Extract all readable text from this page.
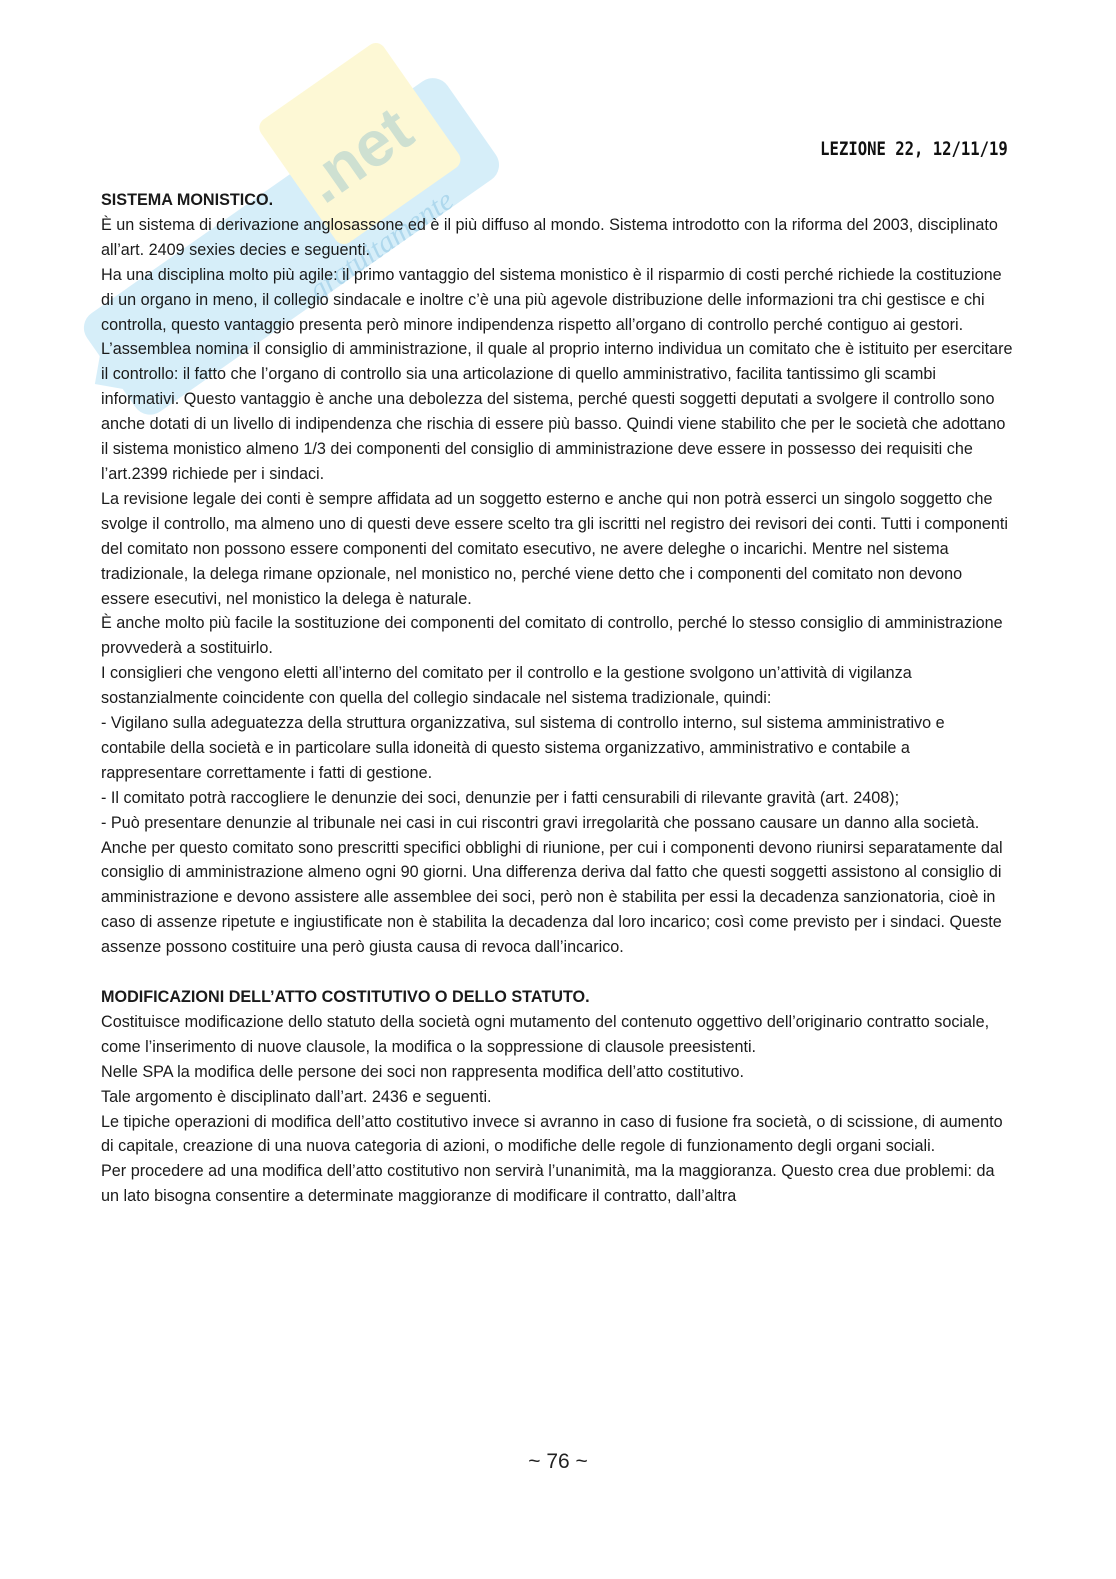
.net
gratuitamente
LEZIONE 22, 12/11/19

SISTEMA MONISTICO.

È un sistema di derivazione anglosassone ed è il più diffuso al mondo. Sistema introdotto con la riforma del 2003, disciplinato all’art. 2409 sexies decies e seguenti.

Ha una disciplina molto più agile: il primo vantaggio del sistema monistico è il risparmio di costi perché richiede la costituzione di un organo in meno, il collegio sindacale e inoltre c’è una più agevole distribuzione delle informazioni tra chi gestisce e chi controlla, questo vantaggio presenta però minore indipendenza rispetto all’organo di controllo perché contiguo ai gestori.

L’assemblea nomina il consiglio di amministrazione, il quale al proprio interno individua un comitato che è istituito per esercitare il controllo: il fatto che l’organo di controllo sia una articolazione di quello amministrativo, facilita tantissimo gli scambi informativi. Questo vantaggio è anche una debolezza del sistema, perché questi soggetti deputati a svolgere il controllo sono anche dotati di un livello di indipendenza che rischia di essere più basso. Quindi viene stabilito che per le società che adottano il sistema monistico almeno 1/3 dei componenti del consiglio di amministrazione deve essere in possesso dei requisiti che l’art.2399 richiede per i sindaci.

La revisione legale dei conti è sempre affidata ad un soggetto esterno e anche qui non potrà esserci un singolo soggetto che svolge il controllo, ma almeno uno di questi deve essere scelto tra gli iscritti nel registro dei revisori dei conti. Tutti i componenti del comitato non possono essere componenti del comitato esecutivo, ne avere deleghe o incarichi. Mentre nel sistema tradizionale, la delega rimane opzionale, nel monistico no, perché viene detto che i componenti del comitato non devono essere esecutivi, nel monistico la delega è naturale.

È anche molto più facile la sostituzione dei componenti del comitato di controllo, perché lo stesso consiglio di amministrazione provvederà a sostituirlo.

I consiglieri che vengono eletti all’interno del comitato per il controllo e la gestione svolgono un’attività di vigilanza sostanzialmente coincidente con quella del collegio sindacale nel sistema tradizionale, quindi:

- Vigilano sulla adeguatezza della struttura organizzativa, sul sistema di controllo interno, sul sistema amministrativo e contabile della società e in particolare sulla idoneità di questo sistema organizzativo, amministrativo e contabile a rappresentare correttamente i fatti di gestione.

- Il comitato potrà raccogliere le denunzie dei soci, denunzie per i fatti censurabili di rilevante gravità (art. 2408);

- Può presentare denunzie al tribunale nei casi in cui riscontri gravi irregolarità che possano causare un danno alla società.

Anche per questo comitato sono prescritti specifici obblighi di riunione, per cui i componenti devono riunirsi separatamente dal consiglio di amministrazione almeno ogni 90 giorni. Una differenza deriva dal fatto che questi soggetti assistono al consiglio di amministrazione e devono assistere alle assemblee dei soci, però non è stabilita per essi la decadenza sanzionatoria, cioè in caso di assenze ripetute e ingiustificate non è stabilita la decadenza dal loro incarico; così come previsto per i sindaci. Queste assenze possono costituire una però giusta causa di revoca dall’incarico.

MODIFICAZIONI DELL’ATTO COSTITUTIVO O DELLO STATUTO.

Costituisce modificazione dello statuto della società ogni mutamento del contenuto oggettivo dell’originario contratto sociale, come l’inserimento di nuove clausole, la modifica o la soppressione di clausole preesistenti.

Nelle SPA la modifica delle persone dei soci non rappresenta modifica dell’atto costitutivo.

Tale argomento è disciplinato dall’art. 2436 e seguenti.

Le tipiche operazioni di modifica dell’atto costitutivo invece si avranno in caso di fusione fra società, o di scissione, di aumento di capitale, creazione di una nuova categoria di azioni, o modifiche delle regole di funzionamento degli organi sociali.

Per procedere ad una modifica dell’atto costitutivo non servirà l’unanimità, ma la maggioranza. Questo crea due problemi: da un lato bisogna consentire a determinate maggioranze di modificare il contratto, dall’altra

~ 76 ~
